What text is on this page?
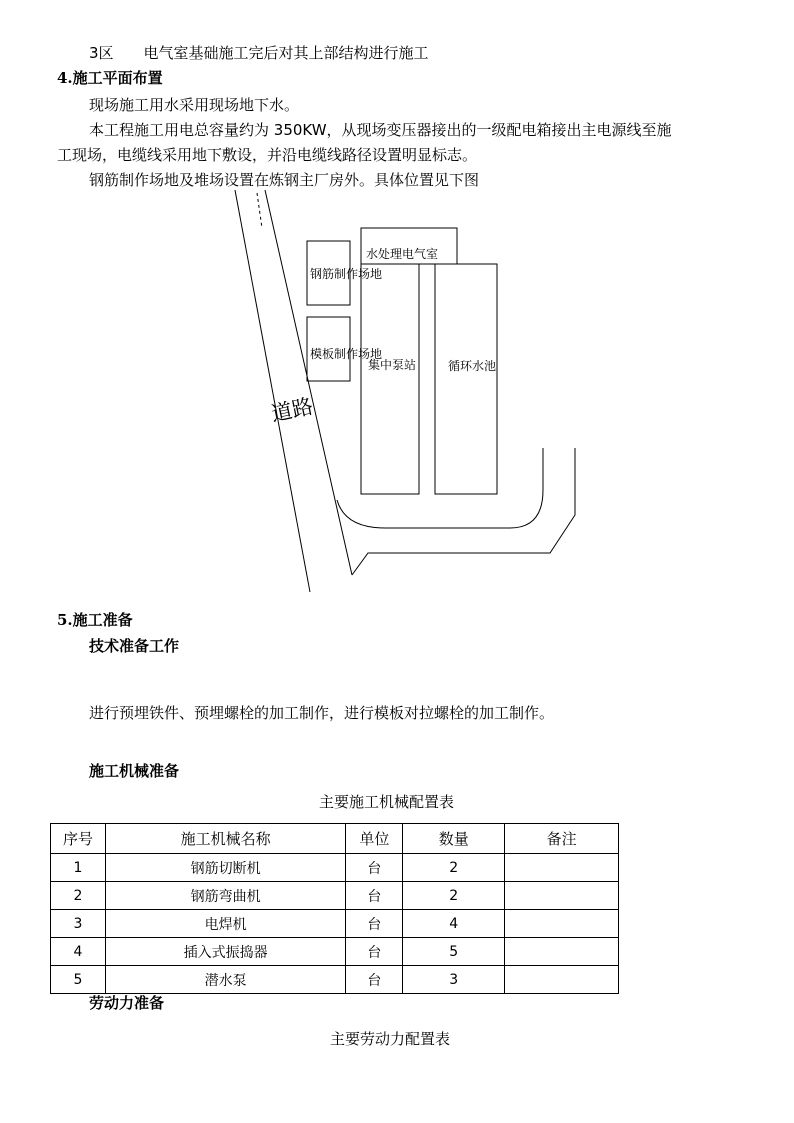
3区　　电气室基础施工完后对其上部结构进行施工
4.施工平面布置
现场施工用水采用现场地下水。
本工程施工用电总容量约为 350KW，从现场变压器接出的一级配电箱接出主电源线至施
工现场，电缆线采用地下敷设，并沿电缆线路径设置明显标志。
钢筋制作场地及堆场设置在炼钢主厂房外。具体位置见下图
钢筋制作场地
模板制作场地
水处理电气室
集中泵站	循环水池
道路
5.施工准备
技术准备工作
进行预埋铁件、预埋螺栓的加工制作，进行模板对拉螺栓的加工制作。
施工机械准备
主要施工机械配置表
序号	施工机械名称	单位	数量	备注
1	钢筋切断机	台	2	
2	钢筋弯曲机	台	2	
3	电焊机	台	4	
4	插入式振捣器	台	5	
5	潜水泵	台	3	
劳动力准备
主要劳动力配置表
